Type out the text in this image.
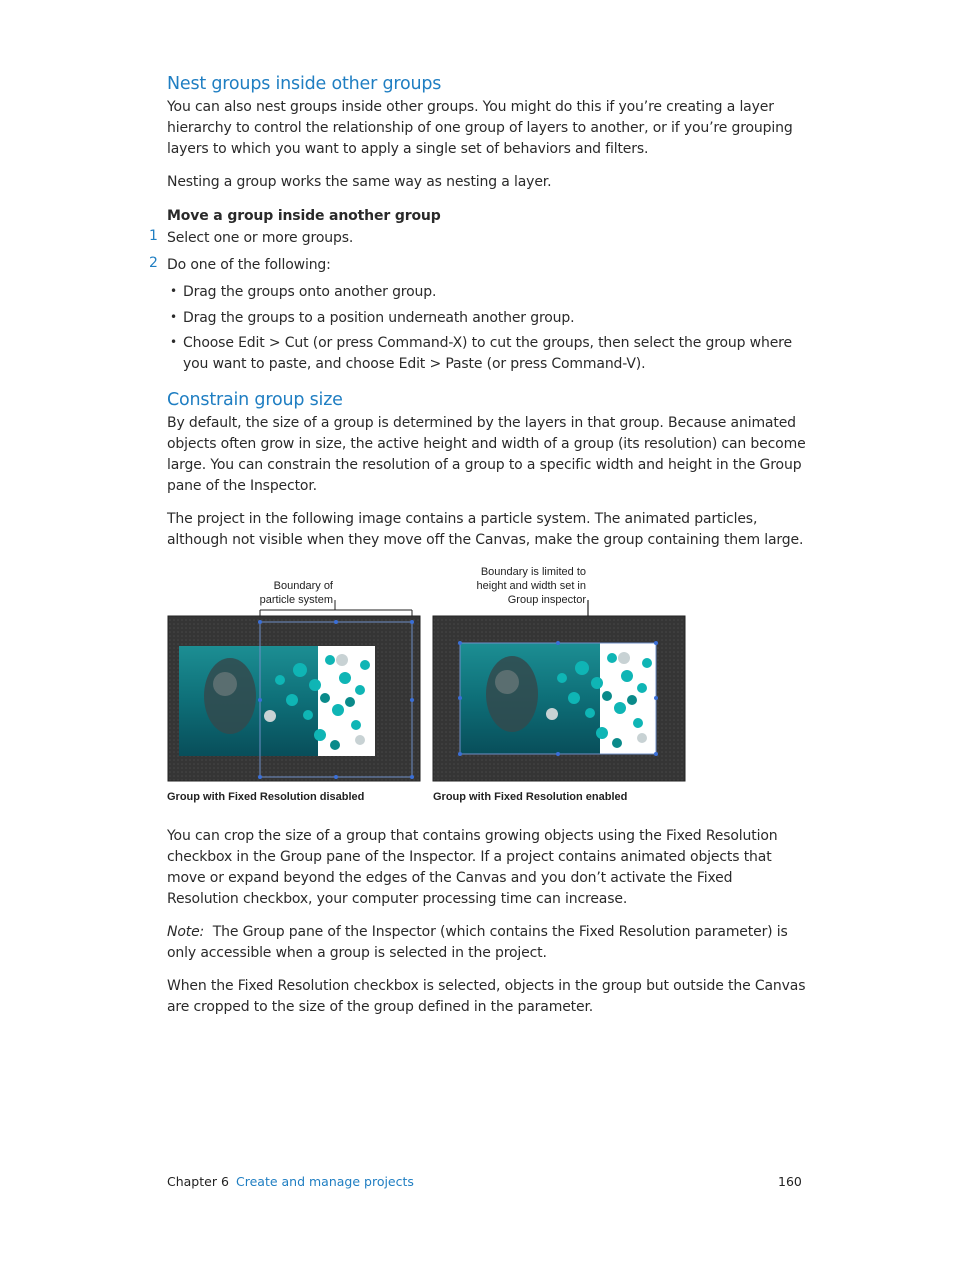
Nest groups inside other groups

You can also nest groups inside other groups. You might do this if you’re creating a layer hierarchy to control the relationship of one group of layers to another, or if you’re grouping layers to which you want to apply a single set of behaviors and filters.

Nesting a group works the same way as nesting a layer.

Move a group inside another group

1 Select one or more groups.
2 Do one of the following:
• Drag the groups onto another group.
• Drag the groups to a position underneath another group.
• Choose Edit > Cut (or press Command-X) to cut the groups, then select the group where you want to paste, and choose Edit > Paste (or press Command-V).
Constrain group size

By default, the size of a group is determined by the layers in that group. Because animated objects often grow in size, the active height and width of a group (its resolution) can become large. You can constrain the resolution of a group to a specific width and height in the Group pane of the Inspector.

The project in the following image contains a particle system. The animated particles, although not visible when they move off the Canvas, make the group containing them large.

Boundary of
particle system
Boundary is limited to
height and width set in
Group inspector
Group with Fixed Resolution disabled	Group with Fixed Resolution enabled

You can crop the size of a group that contains growing objects using the Fixed Resolution checkbox in the Group pane of the Inspector. If a project contains animated objects that move or expand beyond the edges of the Canvas and you don’t activate the Fixed Resolution checkbox, your computer processing time can increase.

Note: The Group pane of the Inspector (which contains the Fixed Resolution parameter) is only accessible when a group is selected in the project.

When the Fixed Resolution checkbox is selected, objects in the group but outside the Canvas are cropped to the size of the group defined in the parameter.

Chapter 6 Create and manage projects	160
